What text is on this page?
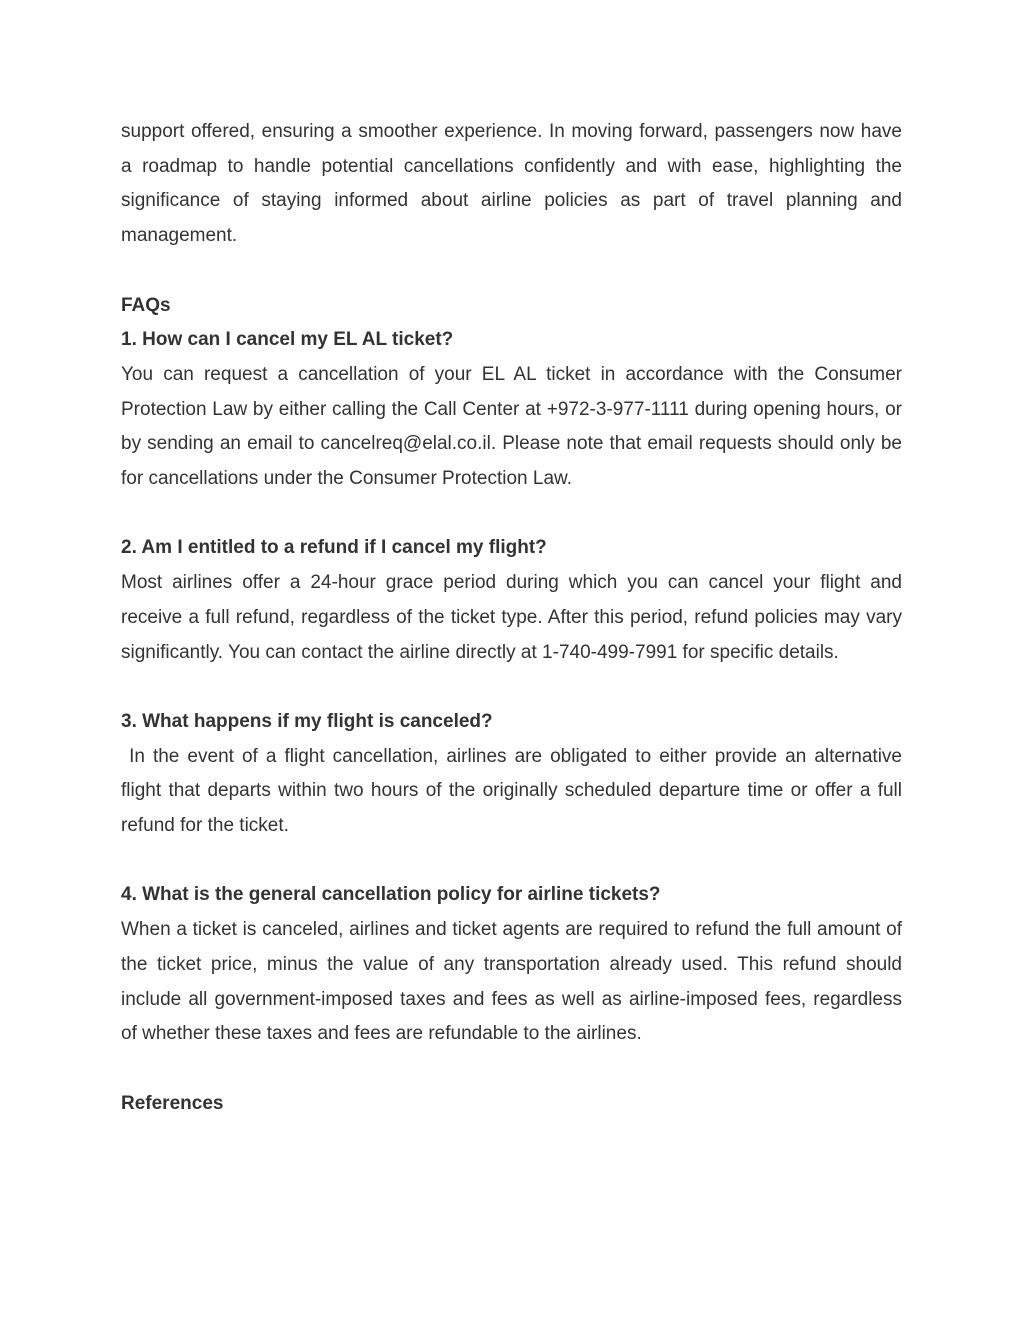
support offered, ensuring a smoother experience. In moving forward, passengers now have a roadmap to handle potential cancellations confidently and with ease, highlighting the significance of staying informed about airline policies as part of travel planning and management.

FAQs

1. How can I cancel my EL AL ticket?

You can request a cancellation of your EL AL ticket in accordance with the Consumer Protection Law by either calling the Call Center at +972-3-977-1111 during opening hours, or by sending an email to cancelreq@elal.co.il. Please note that email requests should only be for cancellations under the Consumer Protection Law.

2. Am I entitled to a refund if I cancel my flight?

Most airlines offer a 24-hour grace period during which you can cancel your flight and receive a full refund, regardless of the ticket type. After this period, refund policies may vary significantly. You can contact the airline directly at 1-740-499-7991 for specific details.

3. What happens if my flight is canceled?

In the event of a flight cancellation, airlines are obligated to either provide an alternative flight that departs within two hours of the originally scheduled departure time or offer a full refund for the ticket.

4. What is the general cancellation policy for airline tickets?

When a ticket is canceled, airlines and ticket agents are required to refund the full amount of the ticket price, minus the value of any transportation already used. This refund should include all government-imposed taxes and fees as well as airline-imposed fees, regardless of whether these taxes and fees are refundable to the airlines.

References
